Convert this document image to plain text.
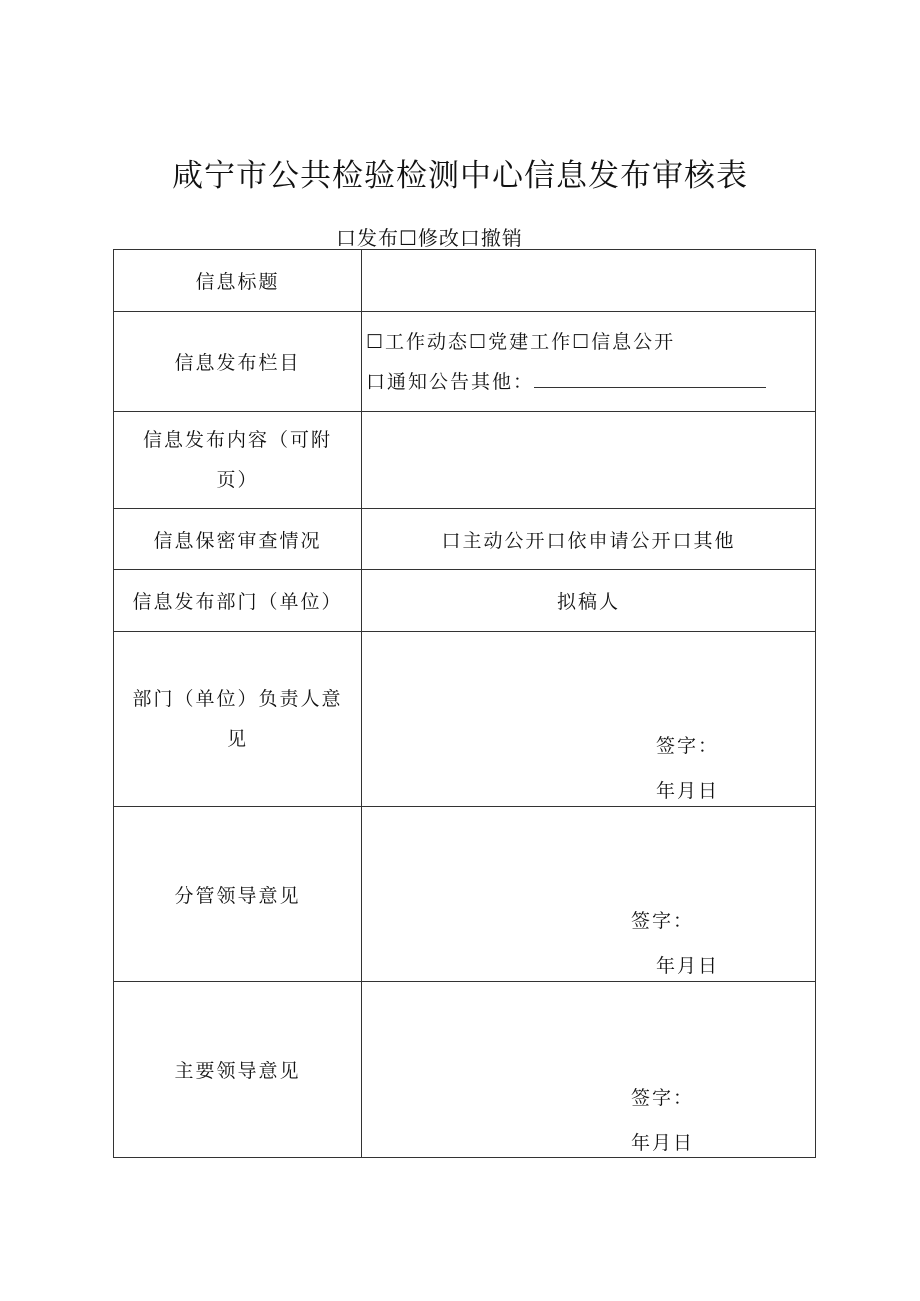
咸宁市公共检验检测中心信息发布审核表
口发布☐修改口撤销
信息标题	
信息发布栏目	☐工作动态☐党建工作☐信息公开
口通知公告其他：

信息发布内容（可附
页）	

信息保密审查情况	口主动公开口依申请公开口其他
信息发布部门（单位）	拟稿人

部门（单位）负责人意
见	签字：
年月日

分管领导意见	签字：
年月日

主要领导意见	签字：
年月日
